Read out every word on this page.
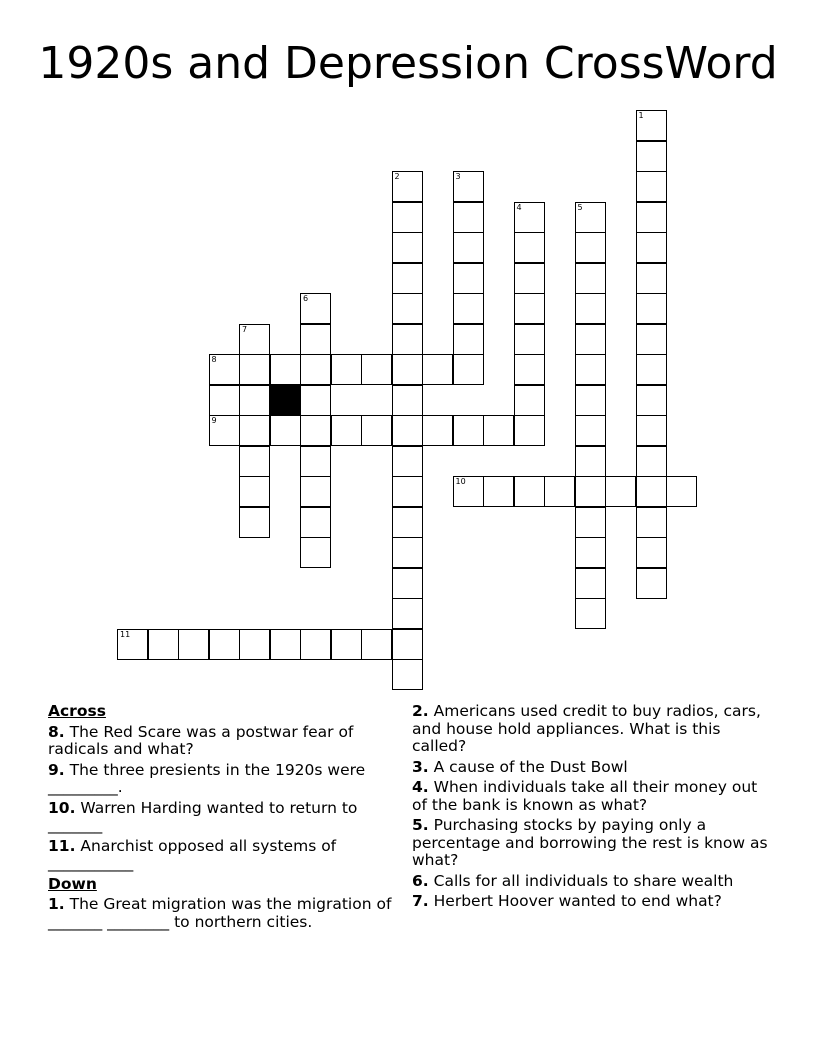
1920s and Depression CrossWord
1
2	3
4	5
6
7
8
9
10
11
Across
8. The Red Scare was a postwar fear of radicals and what?
9. The three presients in the 1920s were _________.
10. Warren Harding wanted to return to _______
11. Anarchist opposed all systems of ___________
Down
1. The Great migration was the migration of _______ ________ to northern cities.
2. Americans used credit to buy radios, cars, and house hold appliances. What is this called?
3. A cause of the Dust Bowl
4. When individuals take all their money out of the bank is known as what?
5. Purchasing stocks by paying only a percentage and borrowing the rest is know as what?
6. Calls for all individuals to share wealth
7. Herbert Hoover wanted to end what?
